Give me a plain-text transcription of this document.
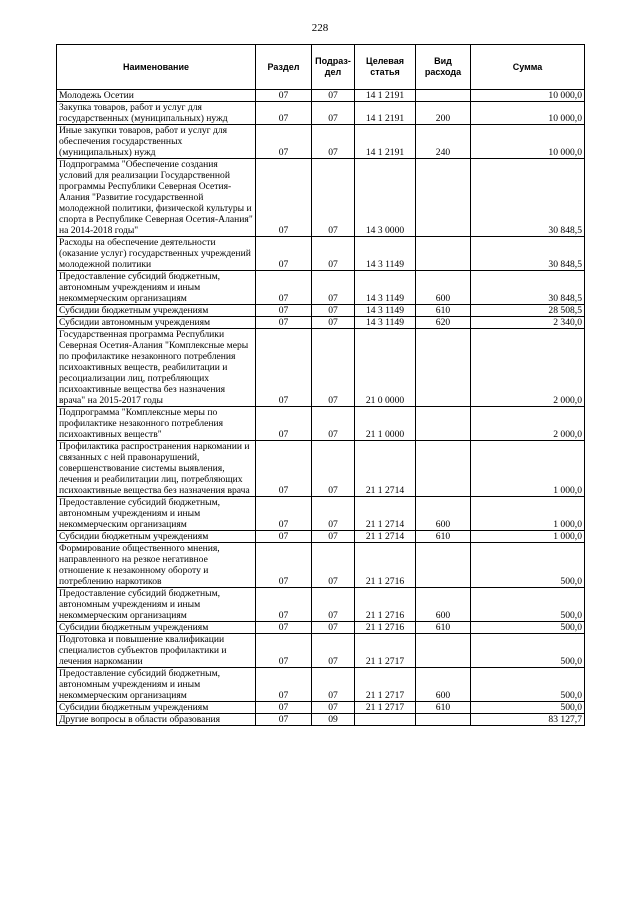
228
Наименование	Раздел	Подраз-дел	Целевая статья	Вид расхода	Сумма
Молодежь Осетии	07	07	14 1 2191		10 000,0
Закупка товаров, работ и услуг для государственных (муниципальных) нужд	07	07	14 1 2191	200	10 000,0
Иные закупки товаров, работ и услуг для обеспечения государственных (муниципальных) нужд	07	07	14 1 2191	240	10 000,0
Подпрограмма "Обеспечение создания условий для реализации Государственной программы Республики Северная Осетия-Алания "Развитие государственной молодежной политики, физической культуры и спорта в Республике Северная Осетия-Алания" на 2014-2018 годы"	07	07	14 3 0000		30 848,5
Расходы на обеспечение деятельности (оказание услуг) государственных учреждений молодежной политики	07	07	14 3 1149		30 848,5
Предоставление субсидий бюджетным, автономным учреждениям и иным некоммерческим организациям	07	07	14 3 1149	600	30 848,5
Субсидии бюджетным учреждениям	07	07	14 3 1149	610	28 508,5
Субсидии автономным учреждениям	07	07	14 3 1149	620	2 340,0
Государственная программа Республики Северная Осетия-Алания "Комплексные меры по профилактике незаконного потребления психоактивных веществ, реабилитации и ресоциализации лиц, потребляющих психоактивные вещества без назначения врача" на 2015-2017 годы	07	07	21 0 0000		2 000,0
Подпрограмма "Комплексные меры по профилактике незаконного потребления психоактивных веществ"	07	07	21 1 0000		2 000,0
Профилактика распространения наркомании и связанных с ней правонарушений, совершенствование системы выявления, лечения и реабилитации лиц, потребляющих психоактивные вещества без назначения врача	07	07	21 1 2714		1 000,0
Предоставление субсидий бюджетным, автономным учреждениям и иным некоммерческим организациям	07	07	21 1 2714	600	1 000,0
Субсидии бюджетным учреждениям	07	07	21 1 2714	610	1 000,0
Формирование общественного мнения, направленного на резкое негативное отношение к незаконному обороту и потреблению наркотиков	07	07	21 1 2716		500,0
Предоставление субсидий бюджетным, автономным учреждениям и иным некоммерческим организациям	07	07	21 1 2716	600	500,0
Субсидии бюджетным учреждениям	07	07	21 1 2716	610	500,0
Подготовка и повышение квалификации специалистов субъектов профилактики и лечения наркомании	07	07	21 1 2717		500,0
Предоставление субсидий бюджетным, автономным учреждениям и иным некоммерческим организациям	07	07	21 1 2717	600	500,0
Субсидии бюджетным учреждениям	07	07	21 1 2717	610	500,0
Другие вопросы в области образования	07	09			83 127,7
